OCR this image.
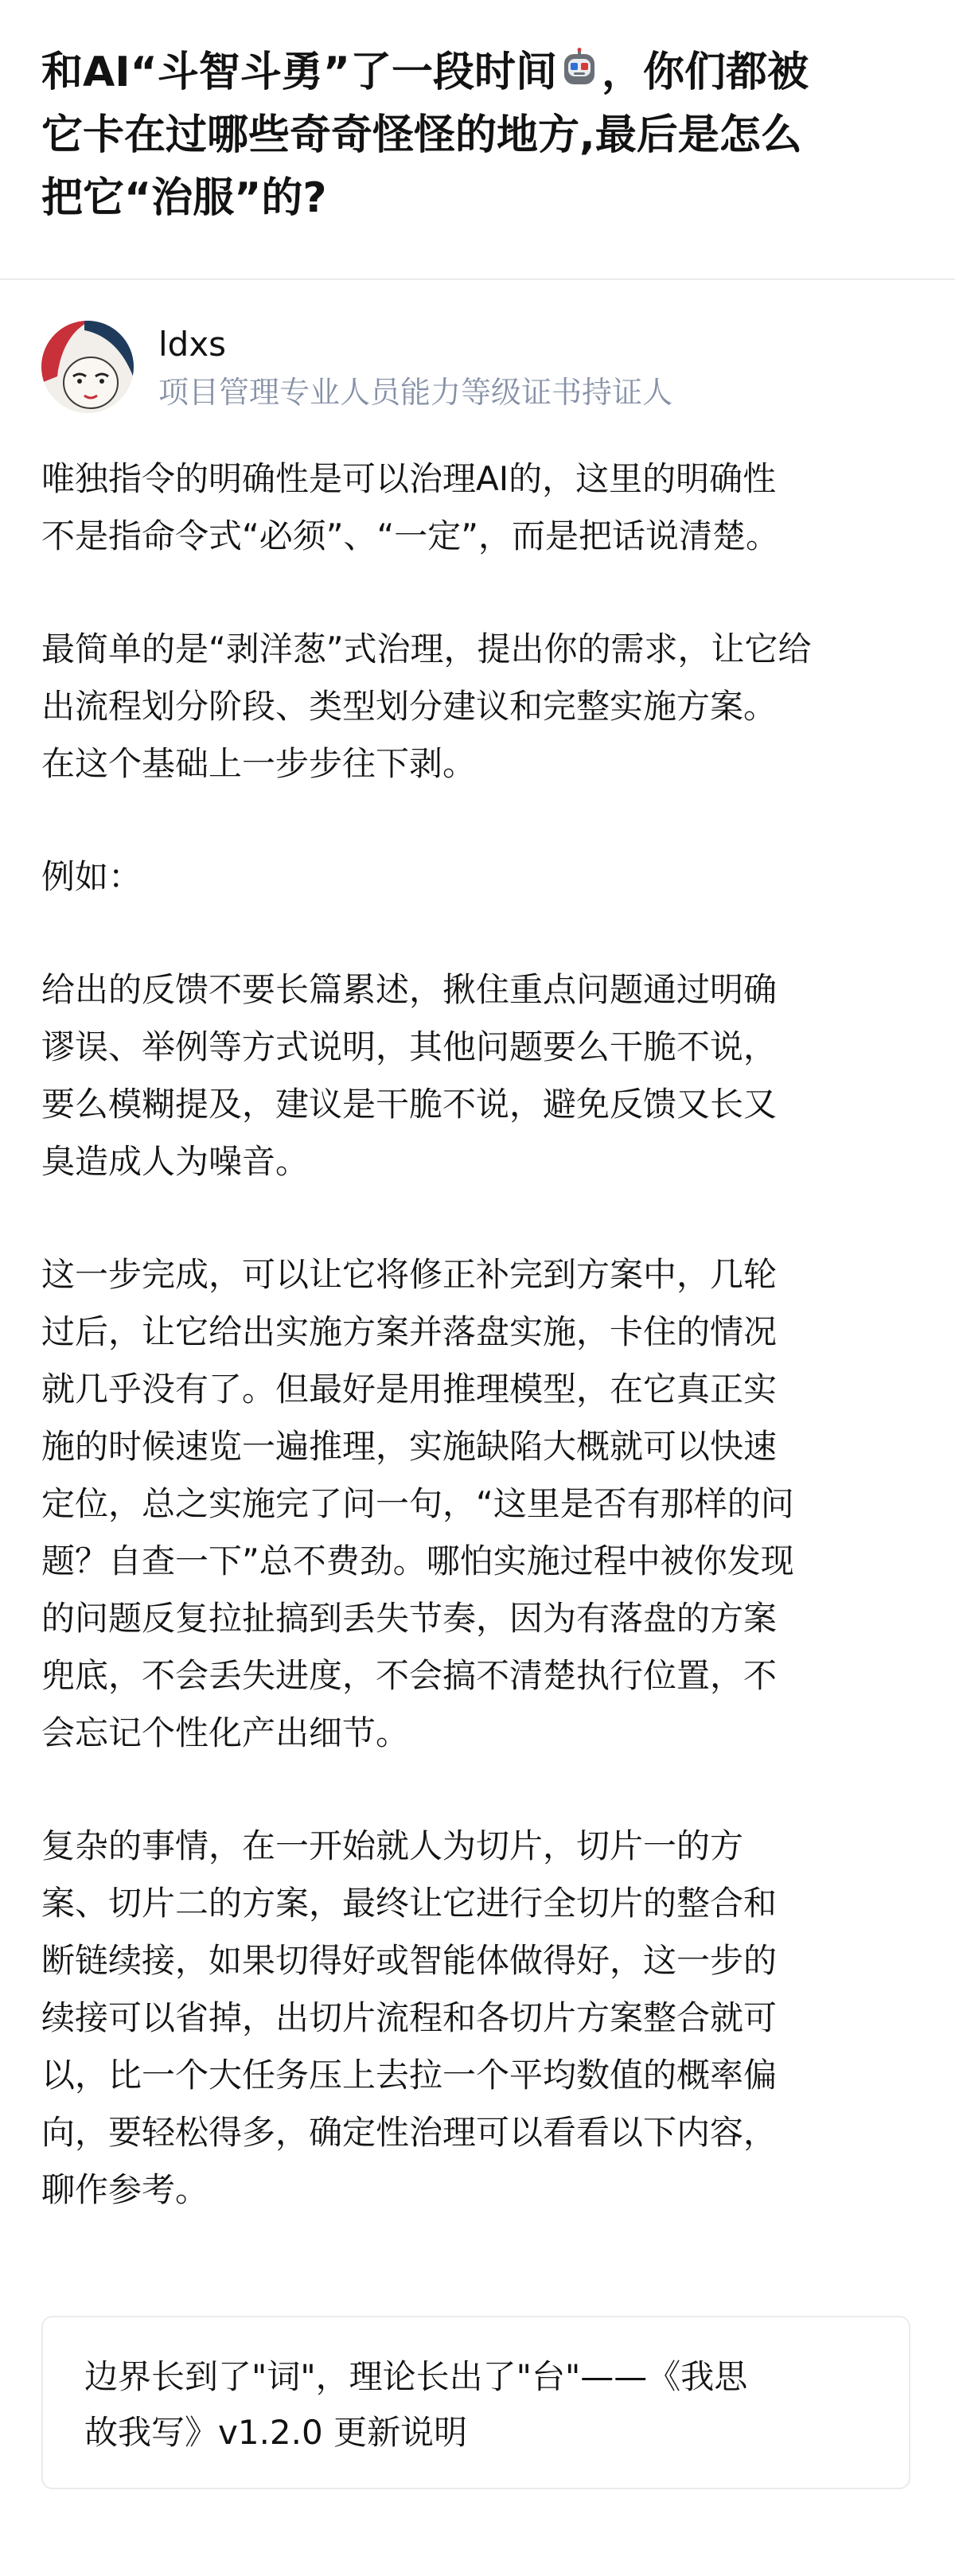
和AI“斗智斗勇”了一段时间 ，你们都被
它卡在过哪些奇奇怪怪的地方,最后是怎么
把它“治服”的?
ldxs
项目管理专业人员能力等级证书持证人

唯独指令的明确性是可以治理AI的，这里的明确性
不是指命令式“必须”、“一定”，而是把话说清楚。

最简单的是“剥洋葱”式治理，提出你的需求，让它给
出流程划分阶段、类型划分建议和完整实施方案。
在这个基础上一步步往下剥。

例如：

给出的反馈不要长篇累述，揪住重点问题通过明确
谬误、举例等方式说明，其他问题要么干脆不说，
要么模糊提及，建议是干脆不说，避免反馈又长又
臭造成人为噪音。

这一步完成，可以让它将修正补完到方案中，几轮
过后，让它给出实施方案并落盘实施，卡住的情况
就几乎没有了。但最好是用推理模型，在它真正实
施的时候速览一遍推理，实施缺陷大概就可以快速
定位，总之实施完了问一句，“这里是否有那样的问
题？自查一下”总不费劲。哪怕实施过程中被你发现
的问题反复拉扯搞到丢失节奏，因为有落盘的方案
兜底，不会丢失进度，不会搞不清楚执行位置，不
会忘记个性化产出细节。

复杂的事情，在一开始就人为切片，切片一的方
案、切片二的方案，最终让它进行全切片的整合和
断链续接，如果切得好或智能体做得好，这一步的
续接可以省掉，出切片流程和各切片方案整合就可
以，比一个大任务压上去拉一个平均数值的概率偏
向，要轻松得多，确定性治理可以看看以下内容，
聊作参考。

边界长到了"词"，理论长出了"台"——《我思
故我写》v1.2.0 更新说明
